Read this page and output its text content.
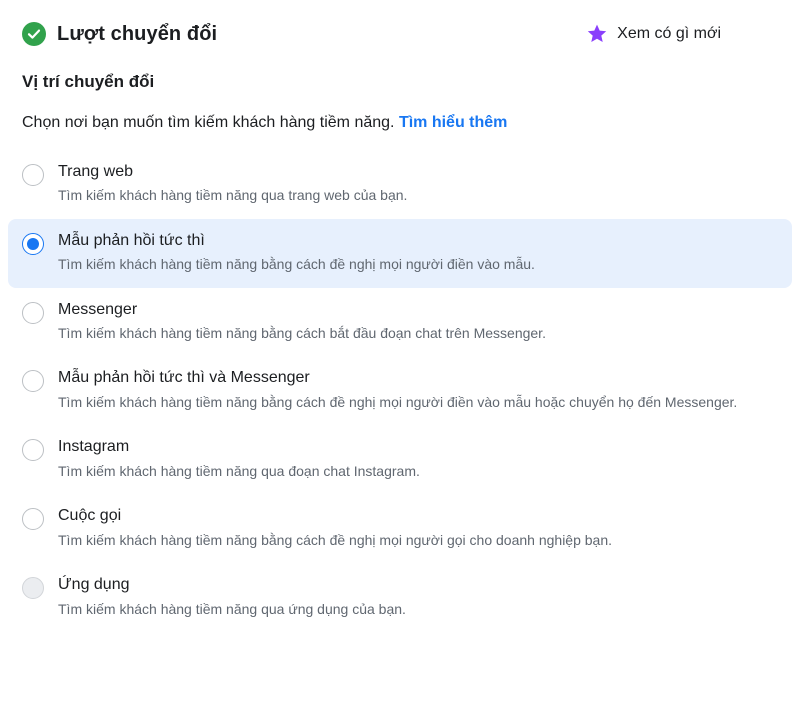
Lượt chuyển đổi	Xem có gì mới
Vị trí chuyển đổi
Chọn nơi bạn muốn tìm kiếm khách hàng tiềm năng. Tìm hiểu thêm
Trang web
Tìm kiếm khách hàng tiềm năng qua trang web của bạn.
Mẫu phản hồi tức thì
Tìm kiếm khách hàng tiềm năng bằng cách đề nghị mọi người điền vào mẫu.
Messenger
Tìm kiếm khách hàng tiềm năng bằng cách bắt đầu đoạn chat trên Messenger.
Mẫu phản hồi tức thì và Messenger
Tìm kiếm khách hàng tiềm năng bằng cách đề nghị mọi người điền vào mẫu hoặc chuyển họ đến Messenger.
Instagram
Tìm kiếm khách hàng tiềm năng qua đoạn chat Instagram.
Cuộc gọi
Tìm kiếm khách hàng tiềm năng bằng cách đề nghị mọi người gọi cho doanh nghiệp bạn.
Ứng dụng
Tìm kiếm khách hàng tiềm năng qua ứng dụng của bạn.
